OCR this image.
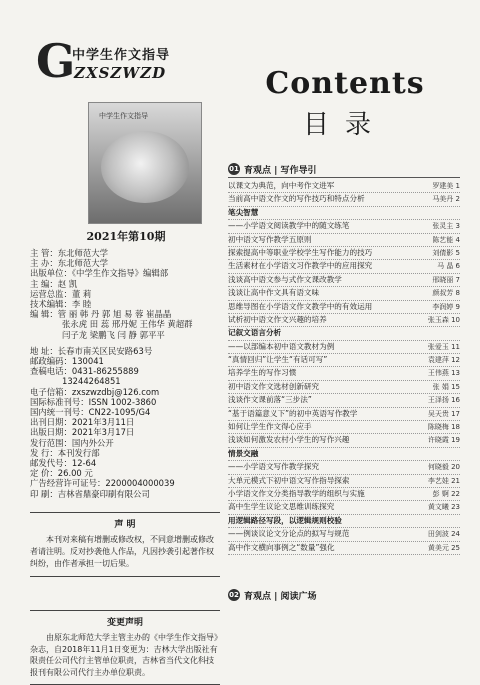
G
中学生作文指导
ZXSZWZD
中学生作文指导
2021年第10期
主 管：东北师范大学
主 办：东北师范大学
出版单位：《中学生作文指导》编辑部
主 编：赵 凯
运营总监：董 莉
技术编辑：李 睦
编 辑：管 丽 韩 丹 郭 旭 易 蓉 崔晶晶
张永虎 田 蕊 邢丹妮 王伟华 黄超群
闫子龙 梁鹏飞 闫 静 郭平平
地 址：长春市南关区民安路63号
邮政编码：130041
查稿电话：0431-86255889
13244264851
电子信箱：zxszwzdbj@126.com
国际标准刊号：ISSN 1002-3860
国内统一刊号：CN22-1095/G4
出刊日期：2021年3月11日
出版日期：2021年3月17日
发行范围：国内外公开
发 行：本刊发行部
邮发代号：12-64
定 价：26.00 元
广告经营许可证号：2200004000039
印 刷：吉林省鼎豪印刷有限公司
声 明
本刊对来稿有增删或修改权，不同意增删或修改者请注明。反对抄袭他人作品，凡因抄袭引起著作权纠纷，由作者承担一切后果。
变更声明
由原东北师范大学主管主办的《中学生作文指导》杂志，自2018年11月1日变更为：吉林大学出版社有限责任公司代行主管单位职责，吉林省当代文化科技报刊有限公司代行主办单位职责。
Contents
目录
01 育观点 | 写作导引
以课文为典范，向中考作文进军	罗建美 1
当前高中语文作文的写作技巧和特点分析	马美丹 2
笔尖智慧
——小学语文阅读教学中的随文练笔	张灵主 3
初中语文写作教学五原则	陈艺能 4
探索提高中等职业学校学生写作能力的技巧	刘倩影 5
生活素材在小学语文习作教学中的应用探究	马 晶 6
浅谈高中语文参与式作文课改教学	邢晓丽 7
浅谈让高中作文具有语文味	颜叔芳 8
思维导图在小学语文作文教学中的有效运用	李润婷 9
试析初中语文作文兴趣的培养	张玉森 10
记叙文语言分析
——以部编本初中语文教材为例	张爱玉 11
“真情回归”让学生“有话可写”	袁建萍 12
培养学生的写作习惯	王伟燕 13
初中语文作文选材创新研究	张 娟 15
浅谈作文课前落“三步法”	王泽扬 16
“基于语篇意义下”的初中英语写作教学	吴天贵 17
如何让学生作文得心应手	陈晓梅 18
浅谈如何激发农村小学生的写作兴趣	许晓霞 19
情景交融
——小学语文写作教学探究	何晓毅 20
大单元模式下初中语文写作指导探索	李艺娃 21
小学语文作文分类指导教学的组织与实施	彭 婀 22
高中生学生议论文思维训练探究	黄文曦 23
用逻辑路径写段，以逻辑规则校验
——例谈议论文分论点的拟写与规范	田剑波 24
高中作文横向事例之“数量”强化	黄美元 25
02 育观点 | 阅读广场
